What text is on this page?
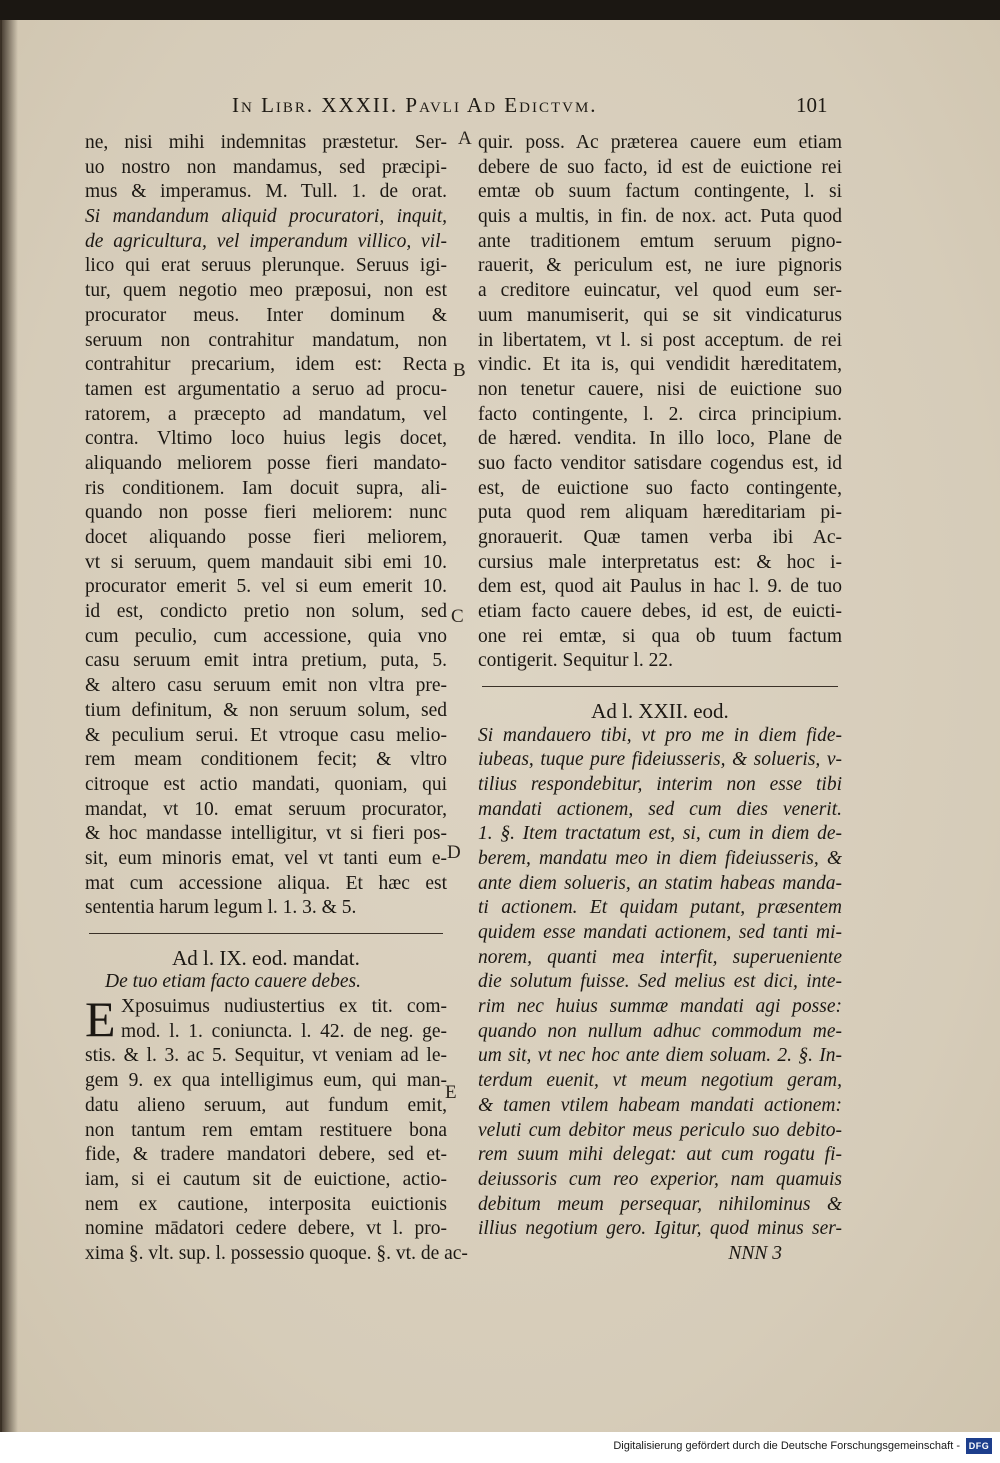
In Libr. XXXII. Pavli Ad Edictvm.	101
A
B
C
D
E
ne, nisi mihi indemnitas præstetur. Ser-
uo nostro non mandamus, sed præcipi-
mus & imperamus. M. Tull. 1. de orat.
Si mandandum aliquid procuratori, inquit,
de agricultura, vel imperandum villico, vil-
lico qui erat seruus plerunque. Seruus igi-
tur, quem negotio meo præposui, non est
procurator meus. Inter dominum &
seruum non contrahitur mandatum, non
contrahitur precarium, idem est: Recta
tamen est argumentatio a seruo ad procu-
ratorem, a præcepto ad mandatum, vel
contra. Vltimo loco huius legis docet,
aliquando meliorem posse fieri mandato-
ris conditionem. Iam docuit supra, ali-
quando non posse fieri meliorem: nunc
docet aliquando posse fieri meliorem,
vt si seruum, quem mandauit sibi emi 10.
procurator emerit 5. vel si eum emerit 10.
id est, condicto pretio non solum, sed
cum peculio, cum accessione, quia vno
casu seruum emit intra pretium, puta, 5.
& altero casu seruum emit non vltra pre-
tium definitum, & non seruum solum, sed
& peculium serui. Et vtroque casu melio-
rem meam conditionem fecit; & vltro
citroque est actio mandati, quoniam, qui
mandat, vt 10. emat seruum procurator,
& hoc mandasse intelligitur, vt si fieri pos-
sit, eum minoris emat, vel vt tanti eum e-
mat cum accessione aliqua. Et hæc est
sententia harum legum l. 1. 3. & 5.
Ad l. IX. eod. mandat.
De tuo etiam facto cauere debes.
E Xposuimus nudiustertius ex tit. com-
mod. l. 1. coniuncta. l. 42. de neg. ge-
stis. & l. 3. ac 5. Sequitur, vt veniam ad le-
gem 9. ex qua intelligimus eum, qui man-
datu alieno seruum, aut fundum emit,
non tantum rem emtam restituere bona
fide, & tradere mandatori debere, sed et-
iam, si ei cautum sit de euictione, actio-
nem ex cautione, interposita euictionis
nomine mādatori cedere debere, vt l. pro-
xima §. vlt. sup. l. possessio quoque. §. vt. de ac-
quir. poss. Ac præterea cauere eum etiam
debere de suo facto, id est de euictione rei
emtæ ob suum factum contingente, l. si
quis a multis, in fin. de nox. act. Puta quod
ante traditionem emtum seruum pigno-
rauerit, & periculum est, ne iure pignoris
a creditore euincatur, vel quod eum ser-
uum manumiserit, qui se sit vindicaturus
in libertatem, vt l. si post acceptum. de rei
vindic. Et ita is, qui vendidit hæreditatem,
non tenetur cauere, nisi de euictione suo
facto contingente, l. 2. circa principium.
de hæred. vendita. In illo loco, Plane de
suo facto venditor satisdare cogendus est, id
est, de euictione suo facto contingente,
puta quod rem aliquam hæreditariam pi-
gnorauerit. Quæ tamen verba ibi Ac-
cursius male interpretatus est: & hoc i-
dem est, quod ait Paulus in hac l. 9. de tuo
etiam facto cauere debes, id est, de euicti-
one rei emtæ, si qua ob tuum factum
contigerit. Sequitur l. 22.
Ad l. XXII. eod.
Si mandauero tibi, vt pro me in diem fide-
iubeas, tuque pure fideiusseris, & solueris, v-
tilius respondebitur, interim non esse tibi
mandati actionem, sed cum dies venerit.
1. §. Item tractatum est, si, cum in diem de-
berem, mandatu meo in diem fideiusseris, &
ante diem solueris, an statim habeas manda-
ti actionem. Et quidam putant, præsentem
quidem esse mandati actionem, sed tanti mi-
norem, quanti mea interfit, superueniente
die solutum fuisse. Sed melius est dici, inte-
rim nec huius summæ mandati agi posse:
quando non nullum adhuc commodum me-
um sit, vt nec hoc ante diem soluam. 2. §. In-
terdum euenit, vt meum negotium geram,
& tamen vtilem habeam mandati actionem:
veluti cum debitor meus periculo suo debito-
rem suum mihi delegat: aut cum rogatu fi-
deiussoris cum reo experior, nam quamuis
debitum meum persequar, nihilominus &
illius negotium gero. Igitur, quod minus ser-
NNN 3
Digitalisierung gefördert durch die Deutsche Forschungsgemeinschaft - DFG
